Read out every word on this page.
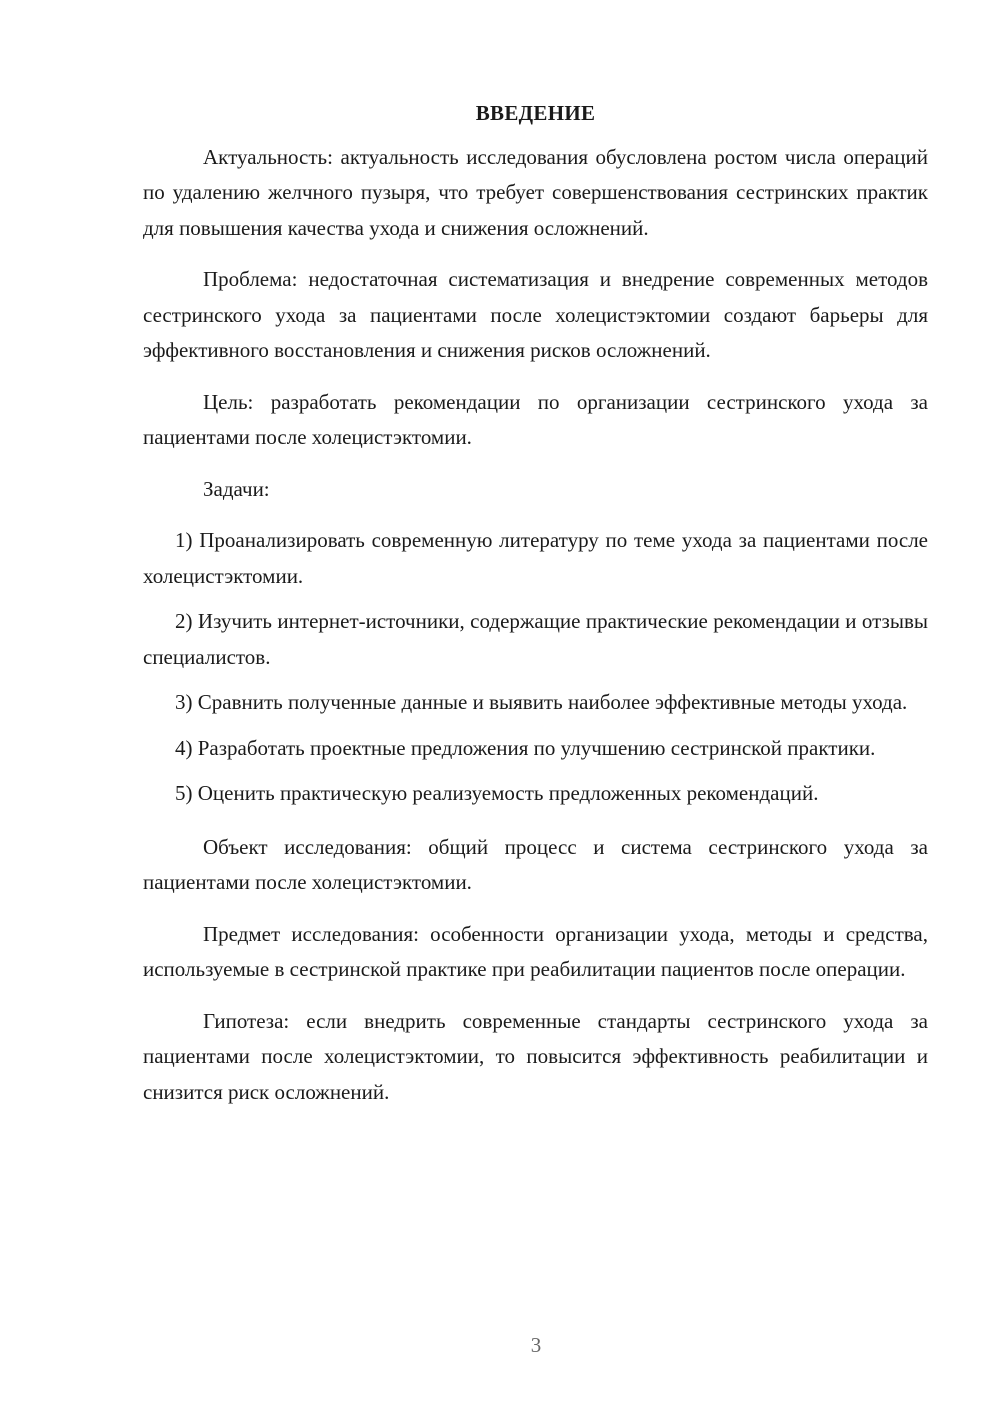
ВВЕДЕНИЕ

Актуальность: актуальность исследования обусловлена ростом числа операций по удалению желчного пузыря, что требует совершенствования сестринских практик для повышения качества ухода и снижения осложнений.

Проблема: недостаточная систематизация и внедрение современных методов сестринского ухода за пациентами после холецистэктомии создают барьеры для эффективного восстановления и снижения рисков осложнений.

Цель: разработать рекомендации по организации сестринского ухода за пациентами после холецистэктомии.

Задачи:

1) Проанализировать современную литературу по теме ухода за пациентами после холецистэктомии.

2) Изучить интернет-источники, содержащие практические рекомендации и отзывы специалистов.

3) Сравнить полученные данные и выявить наиболее эффективные методы ухода.

4) Разработать проектные предложения по улучшению сестринской практики.

5) Оценить практическую реализуемость предложенных рекомендаций.

Объект исследования: общий процесс и система сестринского ухода за пациентами после холецистэктомии.

Предмет исследования: особенности организации ухода, методы и средства, используемые в сестринской практике при реабилитации пациентов после операции.

Гипотеза: если внедрить современные стандарты сестринского ухода за пациентами после холецистэктомии, то повысится эффективность реабилитации и снизится риск осложнений.

3
